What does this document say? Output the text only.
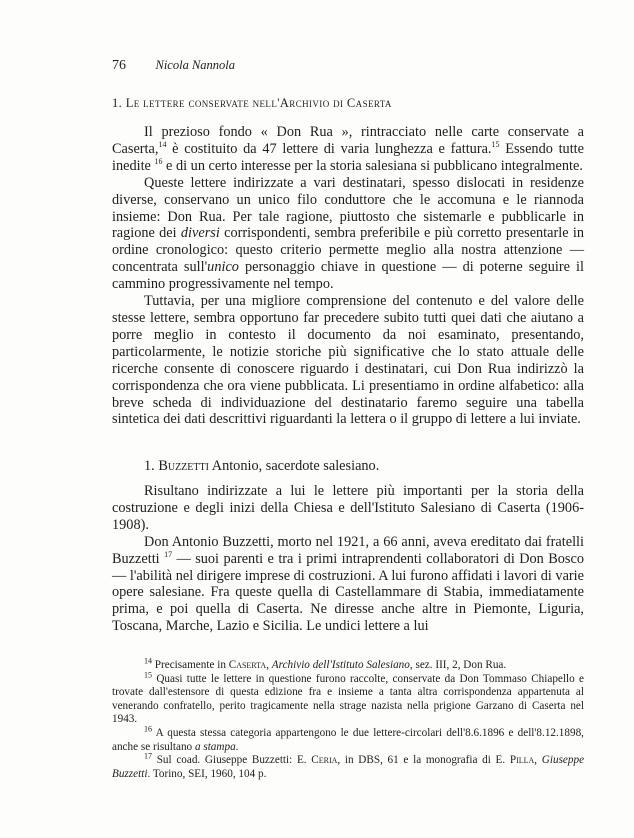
76 Nicola Nannola
1. Le lettere conservate nell'Archivio di Caserta

Il prezioso fondo « Don Rua », rintracciato nelle carte conservate a Caserta,$^{14}$ è costituito da 47 lettere di varia lunghezza e fattura.$^{15}$ Essendo tutte inedite $^{16}$ e di un certo interesse per la storia salesiana si pubblicano integralmente.

Queste lettere indirizzate a vari destinatari, spesso dislocati in residenze diverse, conservano un unico filo conduttore che le accomuna e le riannoda insieme: Don Rua. Per tale ragione, piuttosto che sistemarle e pubblicarle in ragione dei diversi corrispondenti, sembra preferibile e più corretto presentarle in ordine cronologico: questo criterio permette meglio alla nostra attenzione — concentrata sull'unico personaggio chiave in questione — di poterne seguire il cammino progressivamente nel tempo.

Tuttavia, per una migliore comprensione del contenuto e del valore delle stesse lettere, sembra opportuno far precedere subito tutti quei dati che aiutano a porre meglio in contesto il documento da noi esaminato, presentando, particolarmente, le notizie storiche più significative che lo stato attuale delle ricerche consente di conoscere riguardo i destinatari, cui Don Rua indirizzò la corrispondenza che ora viene pubblicata. Li presentiamo in ordine alfabetico: alla breve scheda di individuazione del destinatario faremo seguire una tabella sintetica dei dati descrittivi riguardanti la lettera o il gruppo di lettere a lui inviate.

1. Buzzetti Antonio, sacerdote salesiano.

Risultano indirizzate a lui le lettere più importanti per la storia della costruzione e degli inizi della Chiesa e dell'Istituto Salesiano di Caserta (1906-1908).

Don Antonio Buzzetti, morto nel 1921, a 66 anni, aveva ereditato dai fratelli Buzzetti $^{17}$ — suoi parenti e tra i primi intraprendenti collaboratori di Don Bosco — l'abilità nel dirigere imprese di costruzioni. A lui furono affidati i lavori di varie opere salesiane. Fra queste quella di Castellammare di Stabia, immediatamente prima, e poi quella di Caserta. Ne diresse anche altre in Piemonte, Liguria, Toscana, Marche, Lazio e Sicilia. Le undici lettere a lui

$^{14}$ Precisamente in Caserta, Archivio dell'Istituto Salesiano, sez. III, 2, Don Rua.

$^{15}$ Quasi tutte le lettere in questione furono raccolte, conservate da Don Tommaso Chiapello e trovate dall'estensore di questa edizione fra e insieme a tanta altra corrispondenza appartenuta al venerando confratello, perito tragicamente nella strage nazista nella prigione Garzano di Caserta nel 1943.

$^{16}$ A questa stessa categoria appartengono le due lettere-circolari dell'8.6.1896 e dell'8.12.1898, anche se risultano a stampa.

$^{17}$ Sul coad. Giuseppe Buzzetti: E. Ceria, in DBS, 61 e la monografia di E. Pilla, Giuseppe Buzzetti. Torino, SEI, 1960, 104 p.
